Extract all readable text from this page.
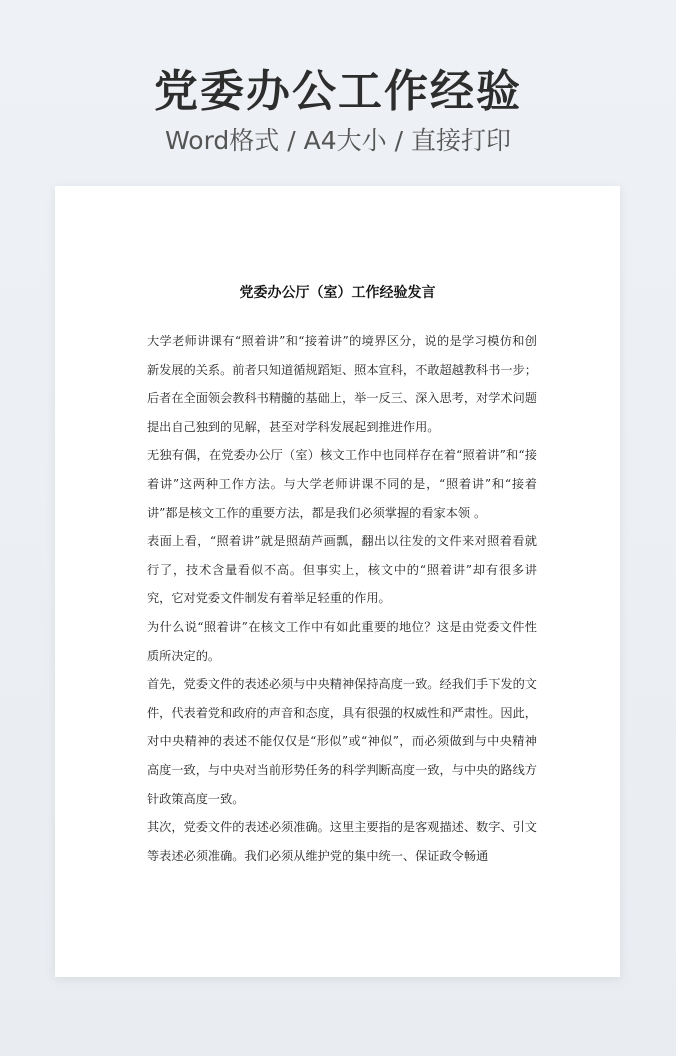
党委办公工作经验
Word格式 / A4大小 / 直接打印
党委办公厅（室）工作经验发言

大学老师讲课有“照着讲”和“接着讲”的境界区分，说的是学习模仿和创新发展的关系。前者只知道循规蹈矩、照本宣科，不敢超越教科书一步；后者在全面领会教科书精髓的基础上，举一反三、深入思考，对学术问题提出自己独到的见解，甚至对学科发展起到推进作用。

无独有偶，在党委办公厅（室）核文工作中也同样存在着“照着讲”和“接着讲”这两种工作方法。与大学老师讲课不同的是，“照着讲”和“接着讲”都是核文工作的重要方法，都是我们必须掌握的看家本领 。

表面上看，“照着讲”就是照葫芦画瓢，翻出以往发的文件来对照着看就行了，技术含量看似不高。但事实上，核文中的“照着讲”却有很多讲究，它对党委文件制发有着举足轻重的作用。

为什么说“照着讲”在核文工作中有如此重要的地位？这是由党委文件性质所决定的。

首先，党委文件的表述必须与中央精神保持高度一致。经我们手下发的文件，代表着党和政府的声音和态度，具有很强的权威性和严肃性。因此，对中央精神的表述不能仅仅是“形似”或“神似”，而必须做到与中央精神高度一致，与中央对当前形势任务的科学判断高度一致，与中央的路线方针政策高度一致。

其次，党委文件的表述必须准确。这里主要指的是客观描述、数字、引文等表述必须准确。我们必须从维护党的集中统一、保证政令畅通
